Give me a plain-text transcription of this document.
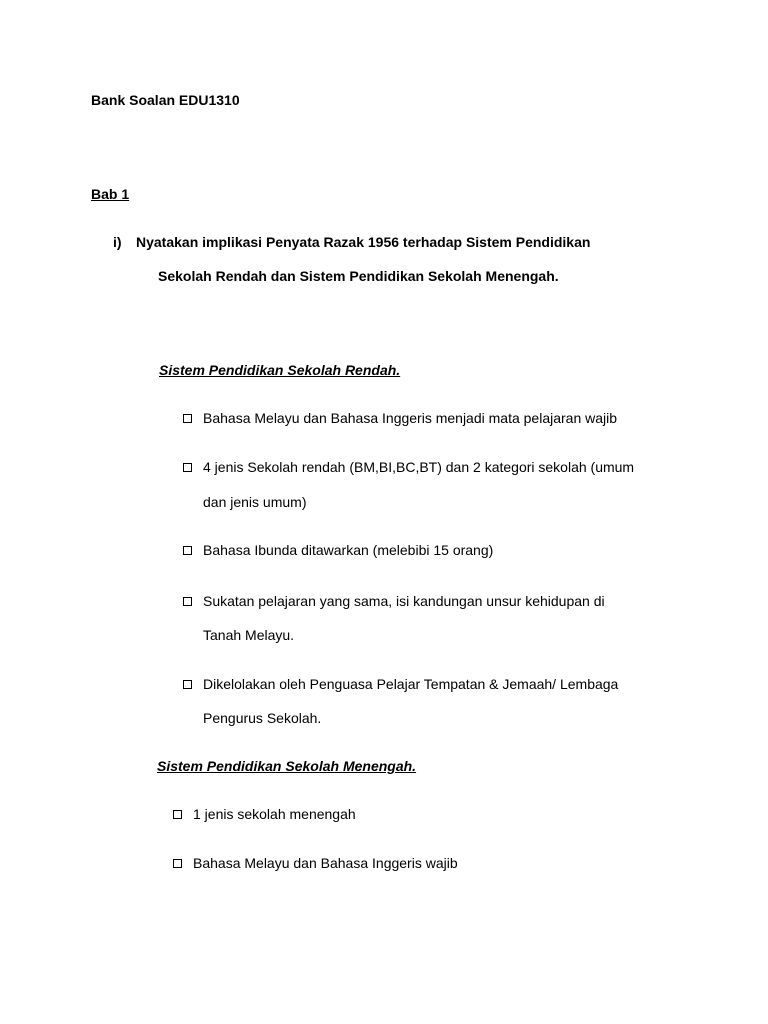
Bank Soalan EDU1310
Bab 1
i) Nyatakan implikasi Penyata Razak 1956 terhadap Sistem Pendidikan
Sekolah Rendah dan Sistem Pendidikan Sekolah Menengah.
Sistem Pendidikan Sekolah Rendah.
Bahasa Melayu dan Bahasa Inggeris menjadi mata pelajaran wajib
4 jenis Sekolah rendah (BM,BI,BC,BT) dan 2 kategori sekolah (umum
dan jenis umum)
Bahasa Ibunda ditawarkan (melebibi 15 orang)
Sukatan pelajaran yang sama, isi kandungan unsur kehidupan di
Tanah Melayu.
Dikelolakan oleh Penguasa Pelajar Tempatan & Jemaah/ Lembaga
Pengurus Sekolah.
Sistem Pendidikan Sekolah Menengah.
1 jenis sekolah menengah
Bahasa Melayu dan Bahasa Inggeris wajib
